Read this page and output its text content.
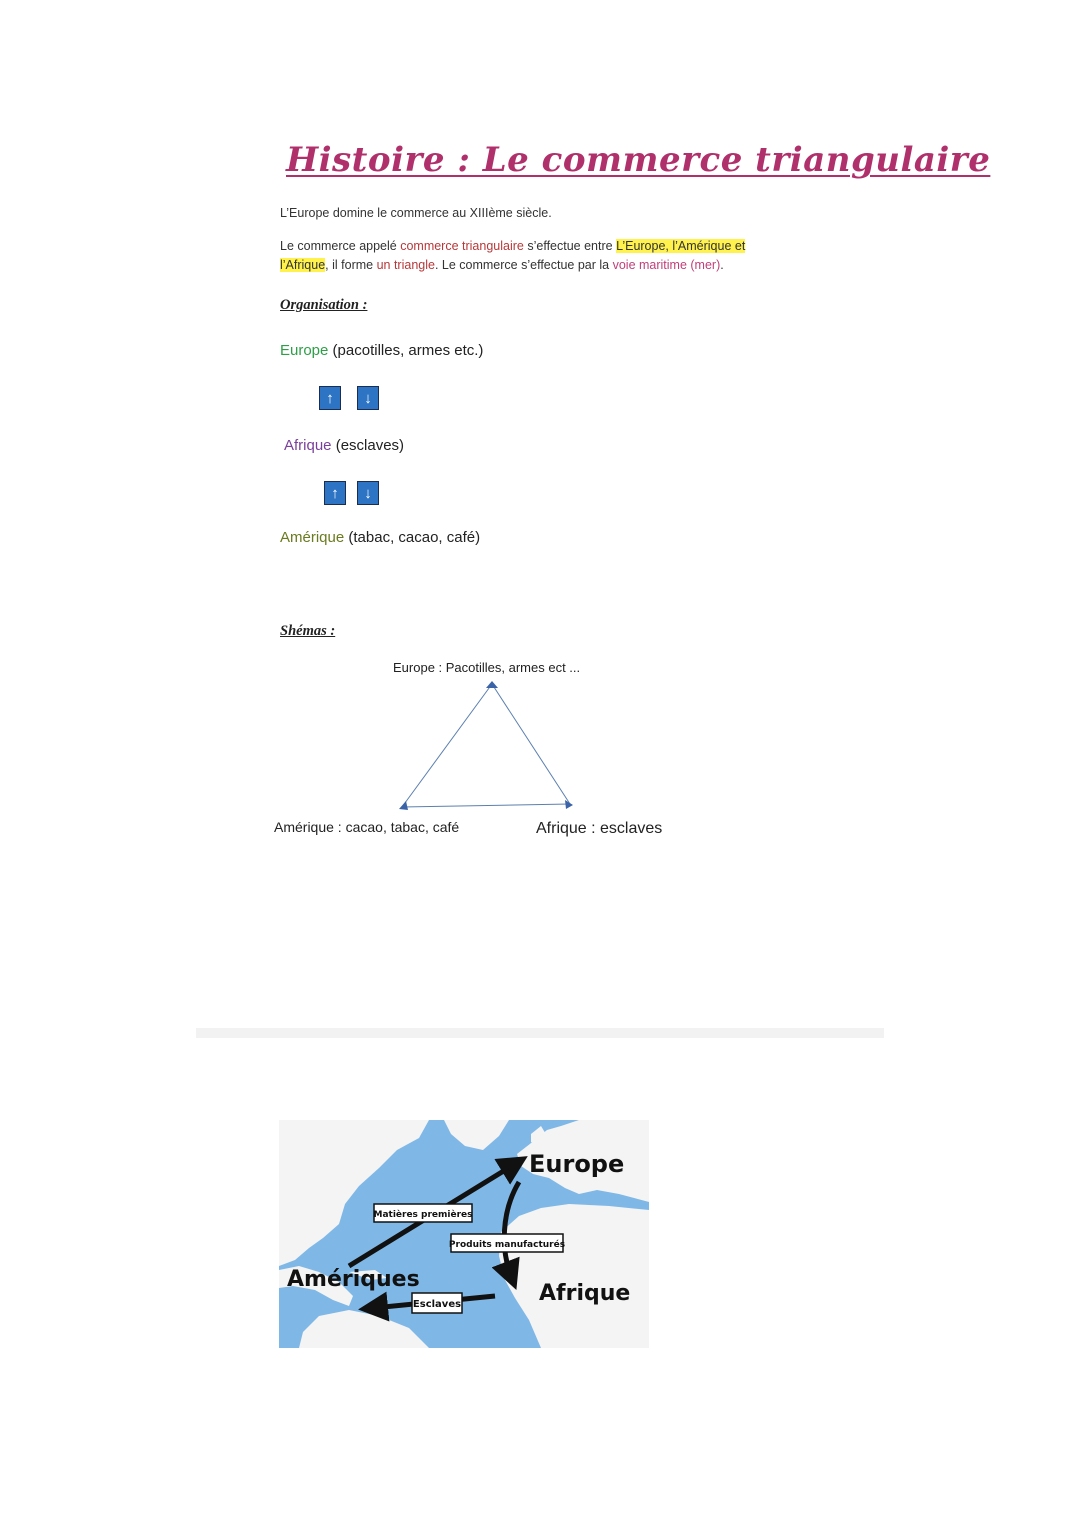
Histoire : Le commerce triangulaire
L’Europe domine le commerce au XIIIème siècle.
Le commerce appelé commerce triangulaire s’effectue entre L’Europe, l’Amérique et l’Afrique, il forme un triangle. Le commerce s’effectue par la voie maritime (mer).
Organisation :
Europe (pacotilles, armes etc.)
↑	↓
Afrique (esclaves)
↑	↓
Amérique (tabac, cacao, café)
Shémas :
Europe : Pacotilles, armes ect ...
Amérique : cacao, tabac, café	Afrique : esclaves
Europe
Amériques
Afrique
Matières premières
Produits manufacturés
Esclaves
